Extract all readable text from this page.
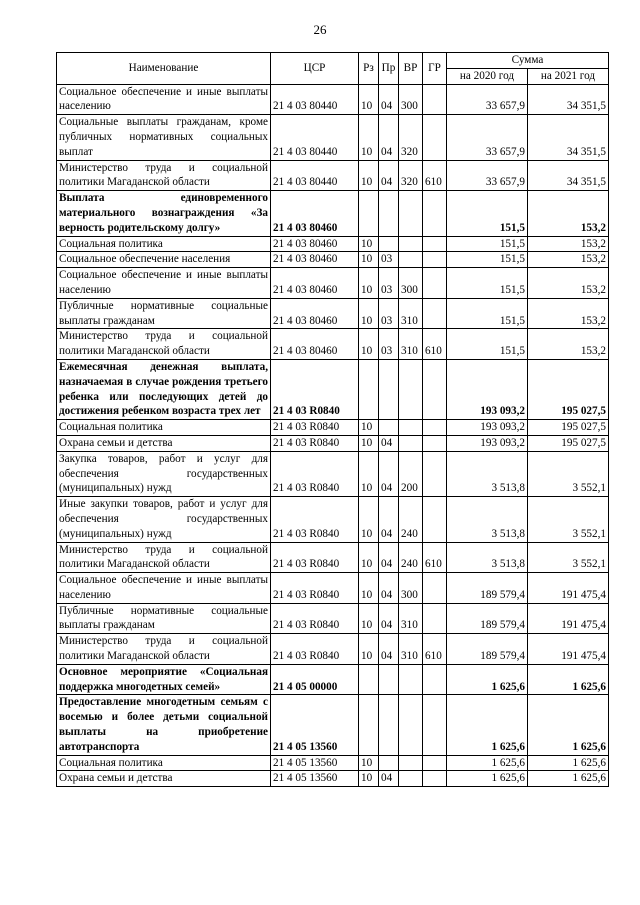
26
Наименование	ЦСР	Рз	Пр	ВР	ГР	Сумма	
						на 2020 год	на 2021 год
Социальное обеспечение и иные выплаты населению	21 4 03 80440	10	04	300		33 657,9	34 351,5
Социальные выплаты гражданам, кроме публичных нормативных социальных выплат	21 4 03 80440	10	04	320		33 657,9	34 351,5
Министерство труда и социальной политики Магаданской области	21 4 03 80440	10	04	320	610	33 657,9	34 351,5
Выплата единовременного материального вознаграждения «За верность родительскому долгу»	21 4 03 80460					151,5	153,2
Социальная политика	21 4 03 80460	10				151,5	153,2
Социальное обеспечение населения	21 4 03 80460	10	03			151,5	153,2
Социальное обеспечение и иные выплаты населению	21 4 03 80460	10	03	300		151,5	153,2
Публичные нормативные социальные выплаты гражданам	21 4 03 80460	10	03	310		151,5	153,2
Министерство труда и социальной политики Магаданской области	21 4 03 80460	10	03	310	610	151,5	153,2
Ежемесячная денежная выплата, назначаемая в случае рождения третьего ребенка или последующих детей до достижения ребенком возраста трех лет	21 4 03 R0840					193 093,2	195 027,5
Социальная политика	21 4 03 R0840	10				193 093,2	195 027,5
Охрана семьи и детства	21 4 03 R0840	10	04			193 093,2	195 027,5
Закупка товаров, работ и услуг для обеспечения государственных (муниципальных) нужд	21 4 03 R0840	10	04	200		3 513,8	3 552,1
Иные закупки товаров, работ и услуг для обеспечения государственных (муниципальных) нужд	21 4 03 R0840	10	04	240		3 513,8	3 552,1
Министерство труда и социальной политики Магаданской области	21 4 03 R0840	10	04	240	610	3 513,8	3 552,1
Социальное обеспечение и иные выплаты населению	21 4 03 R0840	10	04	300		189 579,4	191 475,4
Публичные нормативные социальные выплаты гражданам	21 4 03 R0840	10	04	310		189 579,4	191 475,4
Министерство труда и социальной политики Магаданской области	21 4 03 R0840	10	04	310	610	189 579,4	191 475,4
Основное мероприятие «Социальная поддержка многодетных семей»	21 4 05 00000					1 625,6	1 625,6
Предоставление многодетным семьям с восемью и более детьми социальной выплаты на приобретение автотранспорта	21 4 05 13560					1 625,6	1 625,6
Социальная политика	21 4 05 13560	10				1 625,6	1 625,6
Охрана семьи и детства	21 4 05 13560	10	04			1 625,6	1 625,6
